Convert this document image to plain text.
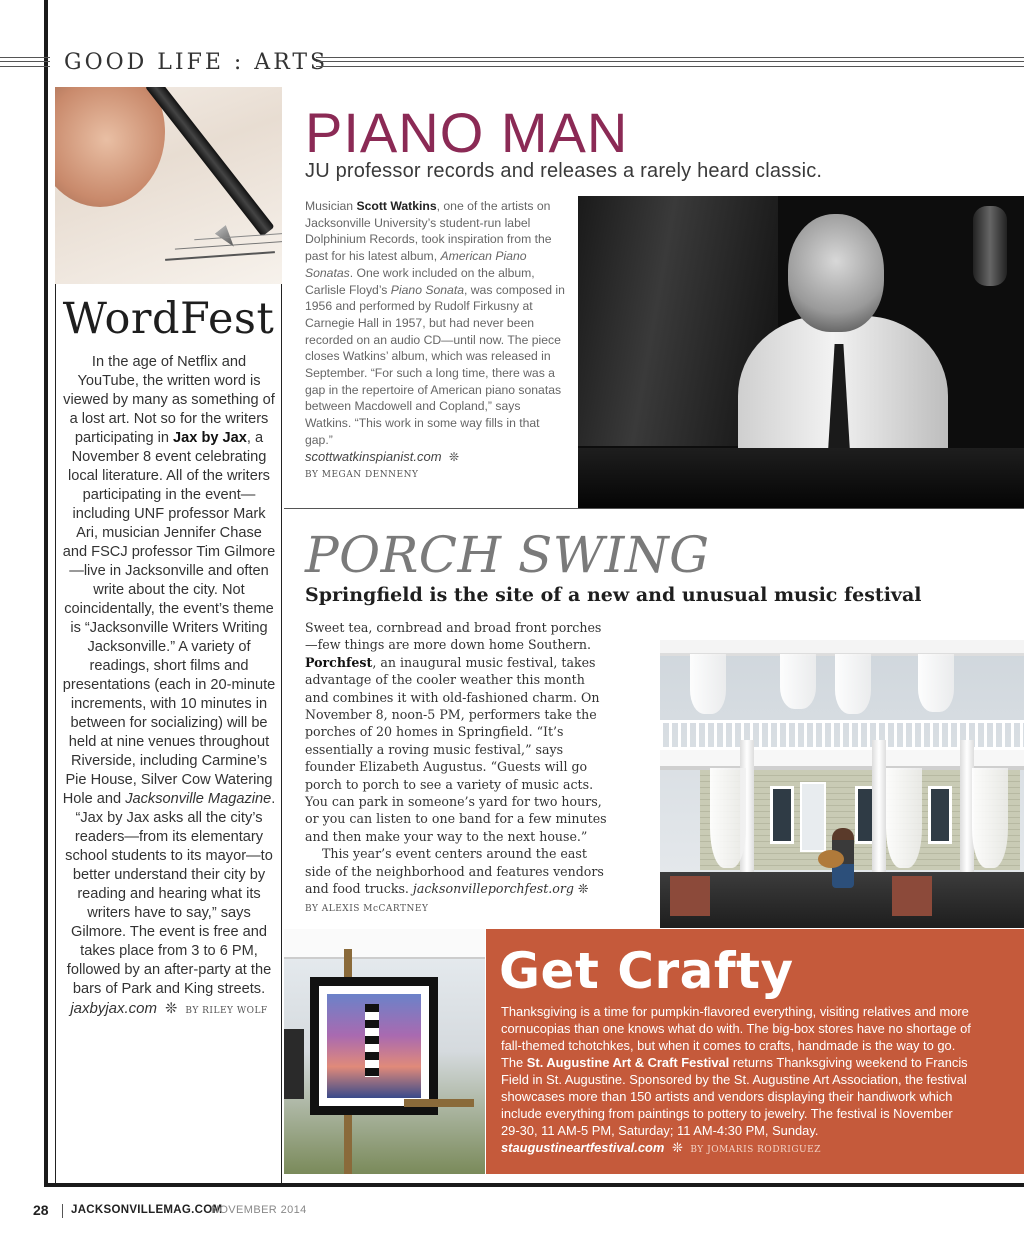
GOOD LIFE : ARTS
WordFest
In the age of Netflix and YouTube, the written word is viewed by many as something of a lost art. Not so for the writers participating in Jax by Jax, a November 8 event celebrating local literature. All of the writers participating in the event—including UNF professor Mark Ari, musician Jennifer Chase and FSCJ professor Tim Gilmore—live in Jacksonville and often write about the city. Not coincidentally, the event’s theme is “Jacksonville Writers Writing Jacksonville.” A variety of readings, short films and presentations (each in 20-minute increments, with 10 minutes in between for socializing) will be held at nine venues throughout Riverside, including Carmine’s Pie House, Silver Cow Watering Hole and Jacksonville Magazine. “Jax by Jax asks all the city’s readers—from its elementary school students to its mayor—to better understand their city by reading and hearing what its writers have to say,” says Gilmore. The event is free and takes place from 3 to 6 PM, followed by an after-party at the bars of Park and King streets.
jaxbyjax.com ❊ BY RILEY WOLF
PIANO MAN
JU professor records and releases a rarely heard classic.
Musician Scott Watkins, one of the artists on Jacksonville University’s student-run label Dolphinium Records, took inspiration from the past for his latest album, American Piano Sonatas. One work included on the album, Carlisle Floyd’s Piano Sonata, was composed in 1956 and performed by Rudolf Firkusny at Carnegie Hall in 1957, but had never been recorded on an audio CD—until now. The piece closes Watkins’ album, which was released in September. “For such a long time, there was a gap in the repertoire of American piano sonatas between Macdowell and Copland,” says Watkins. “This work in some way fills in that gap.”
scottwatkinspianist.com ❊
BY MEGAN DENNENY
PORCH SWING
Springfield is the site of a new and unusual music festival
Sweet tea, cornbread and broad front porches—few things are more down home Southern. Porchfest, an inaugural music festival, takes advantage of the cooler weather this month and combines it with old-fashioned charm. On November 8, noon-5 PM, performers take the porches of 20 homes in Springfield. “It’s essentially a roving music festival,” says founder Elizabeth Augustus. “Guests will go porch to porch to see a variety of music acts. You can park in someone’s yard for two hours, or you can listen to one band for a few minutes and then make your way to the next house.”
This year’s event centers around the east side of the neighborhood and features vendors and food trucks. jacksonvilleporchfest.org ❊
BY ALEXIS McCARTNEY
Get Crafty
Thanksgiving is a time for pumpkin-flavored everything, visiting relatives and more cornucopias than one knows what do with. The big-box stores have no shortage of fall-themed tchotchkes, but when it comes to crafts, handmade is the way to go. The St. Augustine Art & Craft Festival returns Thanksgiving weekend to Francis Field in St. Augustine. Sponsored by the St. Augustine Art Association, the festival showcases more than 150 artists and vendors displaying their handiwork which include everything from paintings to pottery to jewelry. The festival is November 29-30, 11 AM-5 PM, Saturday; 11 AM-4:30 PM, Sunday. staugustineartfestival.com ❊ BY JOMARIS RODRIGUEZ
28 JACKSONVILLEMAG.COM
NOVEMBER 2014
